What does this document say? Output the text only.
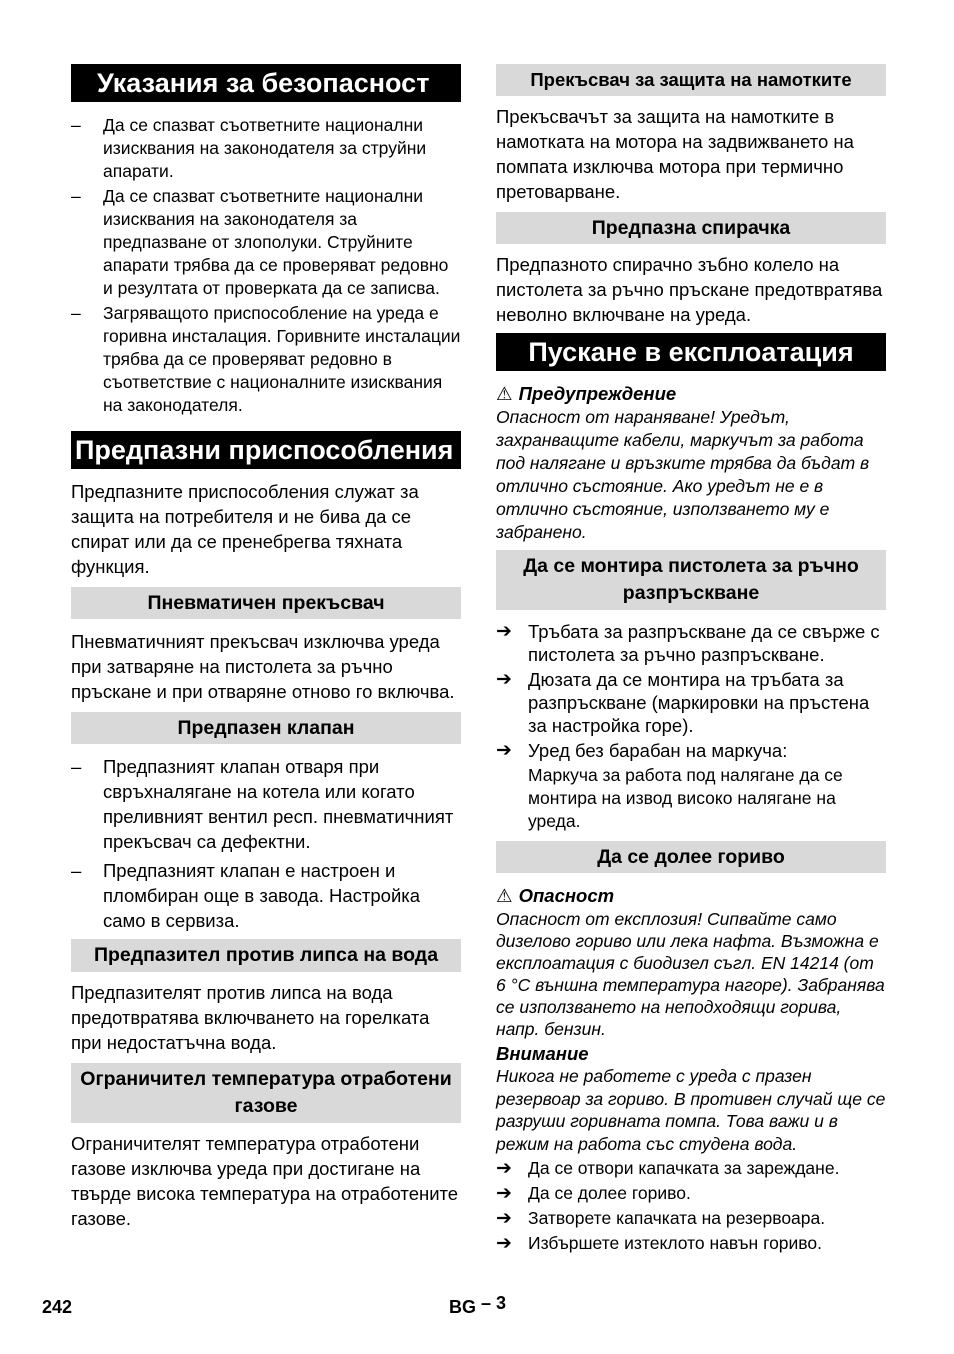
Указания за безопасност
– Да се спазват съответните национални изисквания на законодателя за струйни апарати.
– Да се спазват съответните национални изисквания на законодателя за предпазване от злополуки. Струйните апарати трябва да се проверяват редовно и резултата от проверката да се записва.
– Загряващото приспособление на уреда е горивна инсталация. Горивните инсталации трябва да се проверяват редовно в съответствие с националните изисквания на законодателя.
Предпазни приспособления

Предпазните приспособления служат за защита на потребителя и не бива да се спират или да се пренебрегва тяхната функция.

Пневматичен прекъсвач

Пневматичният прекъсвач изключва уреда при затваряне на пистолета за ръчно пръскане и при отваряне отново го включва.

Предпазен клапан
– Предпазният клапан отваря при свръхналягане на котела или когато преливният вентил респ. пневматичният прекъсвач са дефектни.
– Предпазният клапан е настроен и пломбиран още в завода. Настройка само в сервиза.
Предпазител против липса на вода

Предпазителят против липса на вода предотвратява включването на горелката при недостатъчна вода.

Ограничител температура отработени газове

Ограничителят температура отработени газове изключва уреда при достигане на твърде висока температура на отработените газове.

Прекъсвач за защита на намотките

Прекъсвачът за защита на намотките в намотката на мотора на задвижването на помпата изключва мотора при термично претоварване.

Предпазна спирачка

Предпазното спирачно зъбно колело на пистолета за ръчно пръскане предотвратява неволно включване на уреда.

Пускане в експлоатация
⚠ Предупреждение

Опасност от нараняване! Уредът, захранващите кабели, маркучът за работа под налягане и връзките трябва да бъдат в отлично състояние. Ако уредът не е в отлично състояние, използването му е забранено.

Да се монтира пистолета за ръчно разпръскване
➔ Тръбата за разпръскване да се свърже с пистолета за ръчно разпръскване.
➔ Дюзата да се монтира на тръбата за разпръскване (маркировки на пръстена за настройка горе).
➔ Уред без барабан на маркуча:

Маркуча за работа под налягане да се монтира на извод високо налягане на уреда.

Да се долее гориво
⚠ Опасност

Опасност от експлозия! Сипвайте само дизелово гориво или лека нафта. Възможна е експлоатация с биодизел съгл. EN 14214 (от 6 °C външна температура нагоре). Забранява се използването на неподходящи горива, напр. бензин.

Внимание

Никога не работете с уреда с празен резервоар за гориво. В противен случай ще се разруши горивната помпа. Това важи и в режим на работа със студена вода.

➔ Да се отвори капачката за зареждане.
➔ Да се долее гориво.
➔ Затворете капачката на резервоара.
➔ Избършете изтеклото навън гориво.
242	BG – 3
